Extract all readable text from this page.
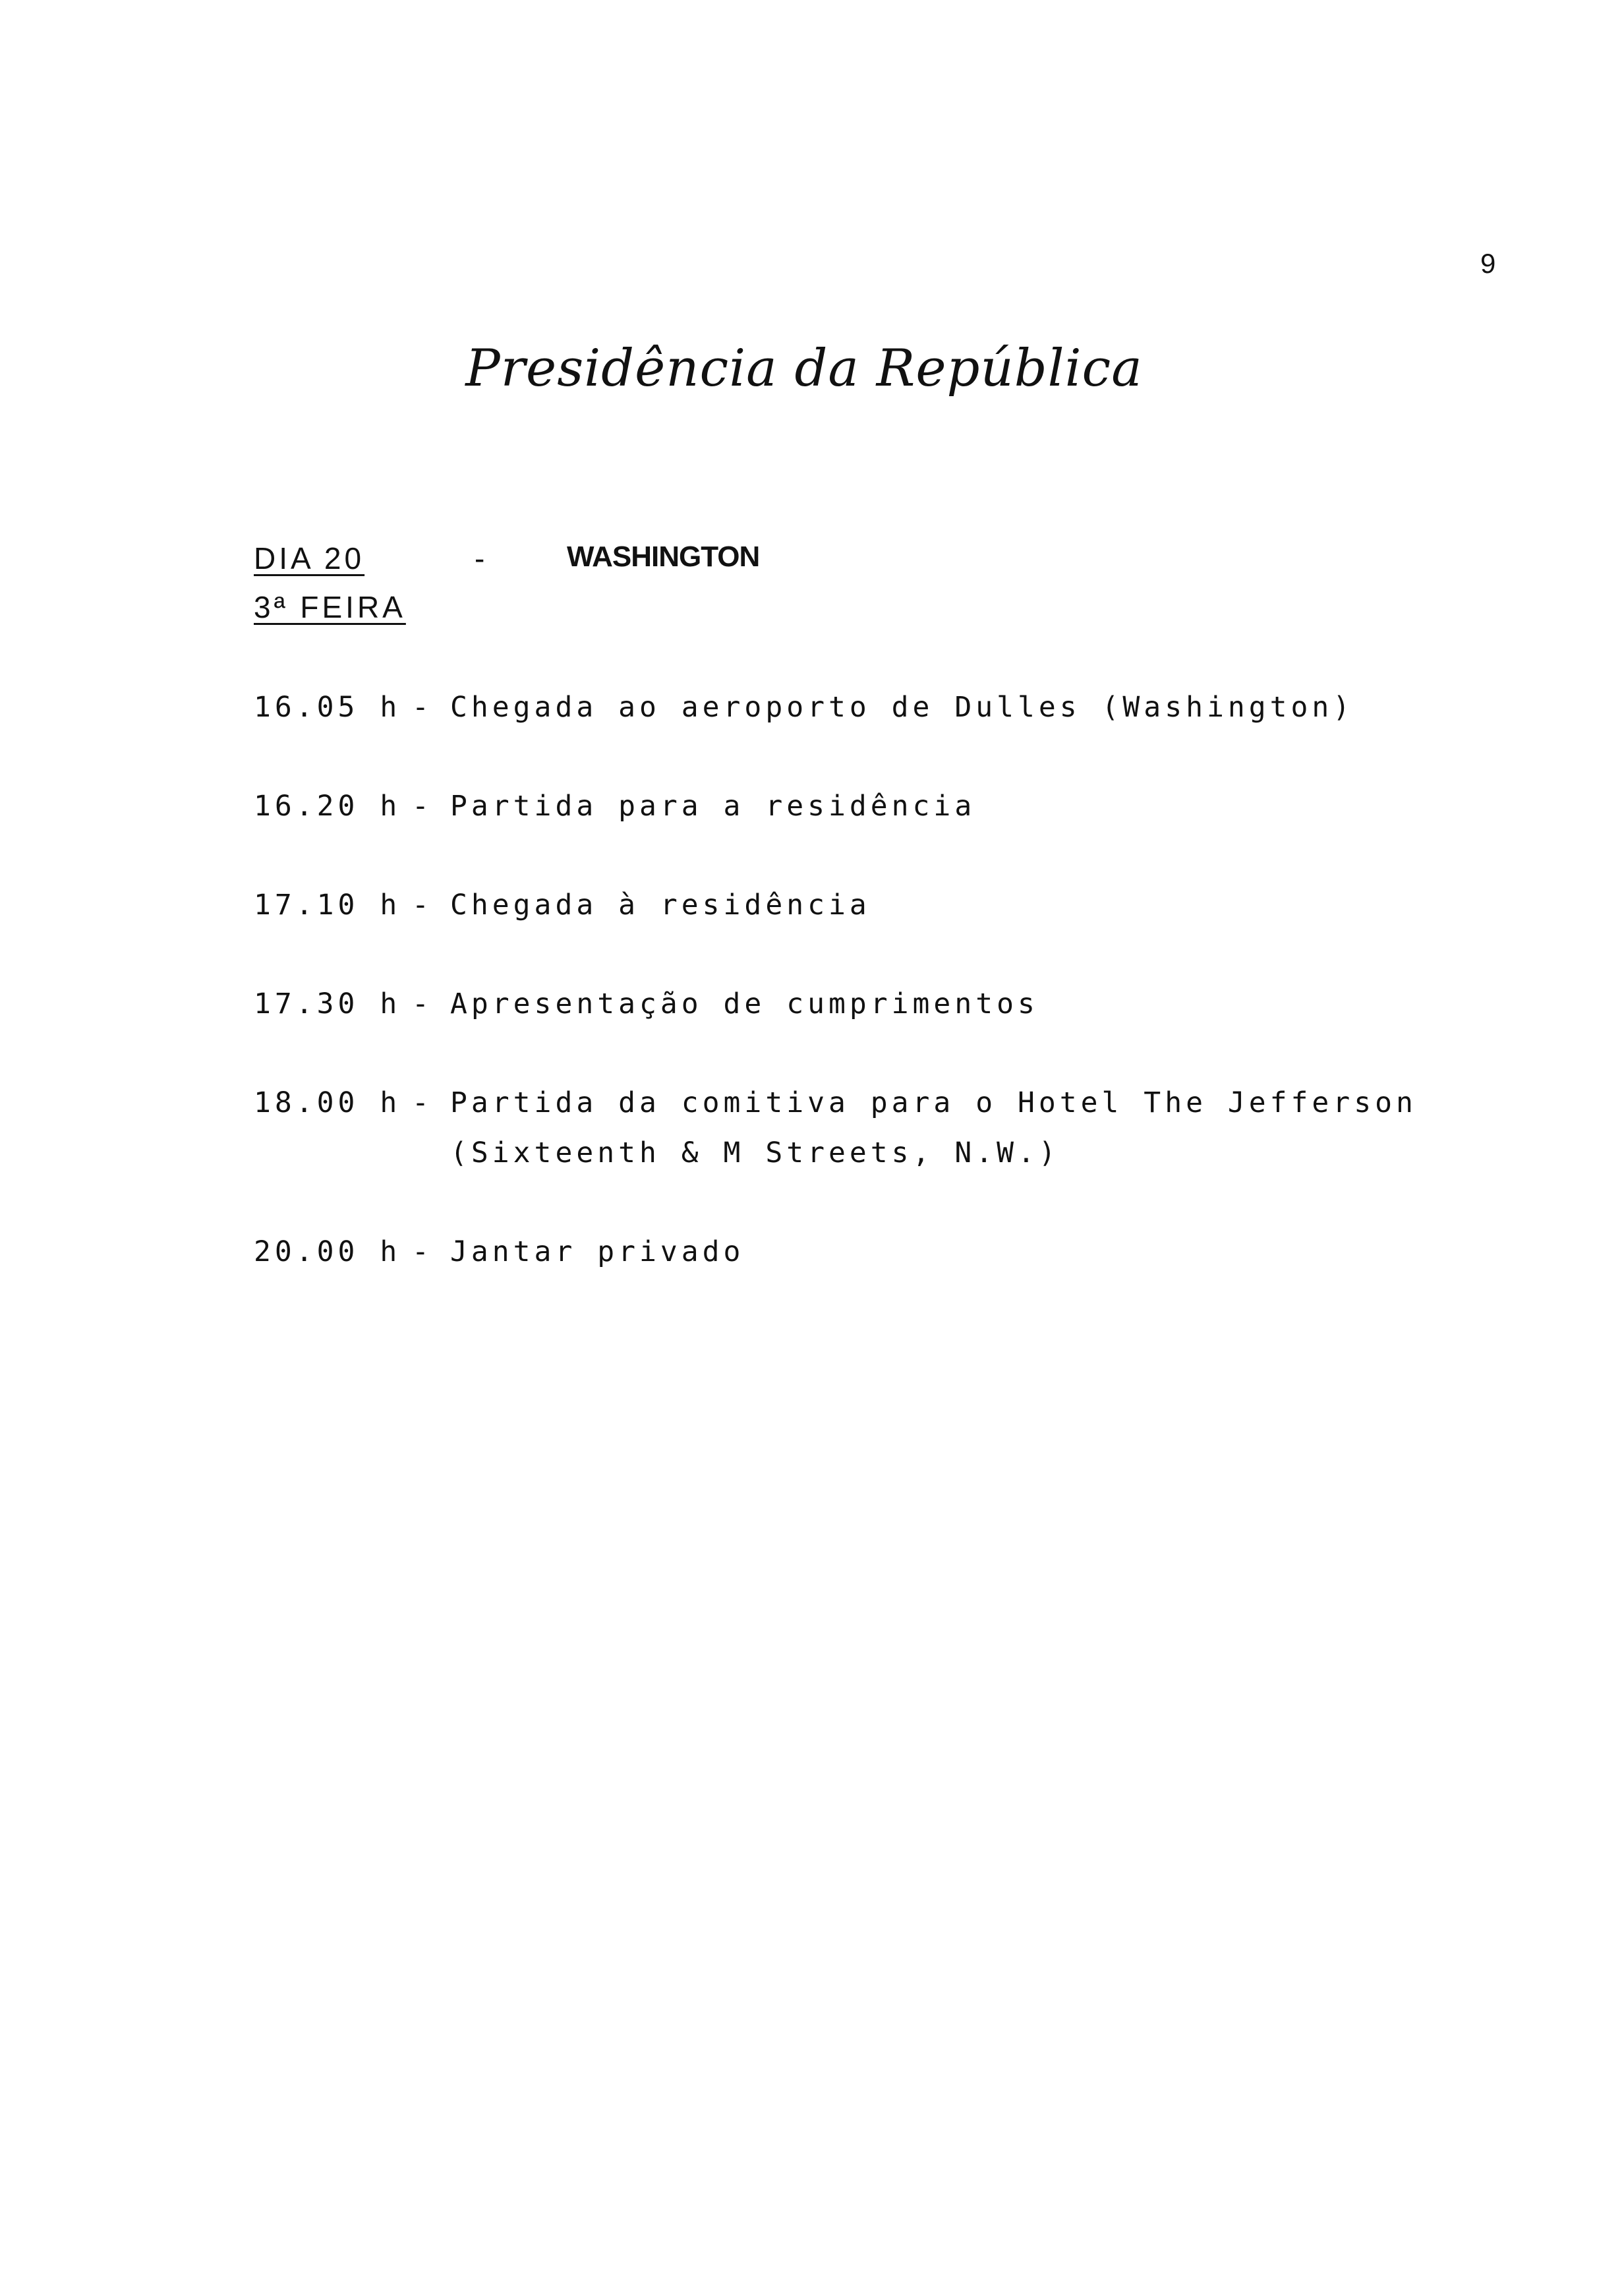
9
Presidência da República
DIA 20	-	WASHINGTON
3ª FEIRA
16.05 h - Chegada ao aeroporto de Dulles (Washington)
16.20 h - Partida para a residência
17.10 h - Chegada à residência
17.30 h - Apresentação de cumprimentos
18.00 h - Partida da comitiva para o Hotel The Jefferson
(Sixteenth & M Streets, N.W.)
20.00 h - Jantar privado
